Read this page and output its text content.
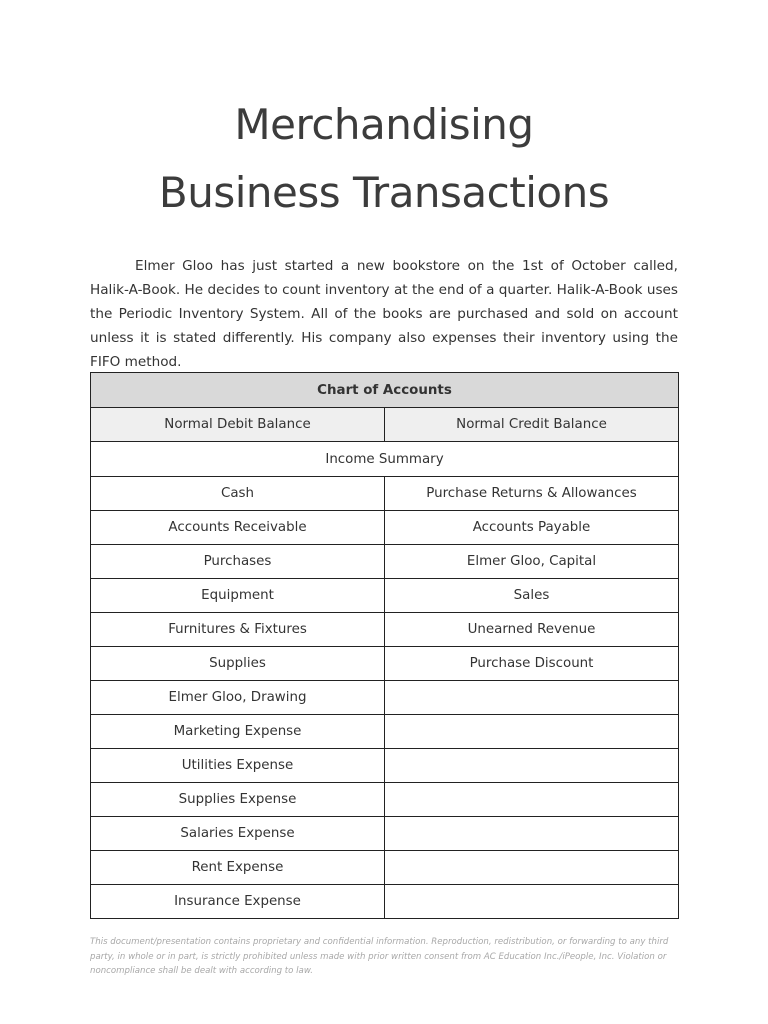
Merchandising
Business Transactions

Elmer Gloo has just started a new bookstore on the 1st of October called, Halik-A-Book. He decides to count inventory at the end of a quarter. Halik-A-Book uses the Periodic Inventory System. All of the books are purchased and sold on account unless it is stated differently. His company also expenses their inventory using the FIFO method.

Chart of Accounts	
Normal Debit Balance	Normal Credit Balance
Income Summary	
Cash	Purchase Returns & Allowances
Accounts Receivable	Accounts Payable
Purchases	Elmer Gloo, Capital
Equipment	Sales
Furnitures & Fixtures	Unearned Revenue
Supplies	Purchase Discount
Elmer Gloo, Drawing	
Marketing Expense	
Utilities Expense	
Supplies Expense	
Salaries Expense	
Rent Expense	
Insurance Expense	

This document/presentation contains proprietary and confidential information. Reproduction, redistribution, or forwarding to any third party, in whole or in part, is strictly prohibited unless made with prior written consent from AC Education Inc./iPeople, Inc. Violation or noncompliance shall be dealt with according to law.
